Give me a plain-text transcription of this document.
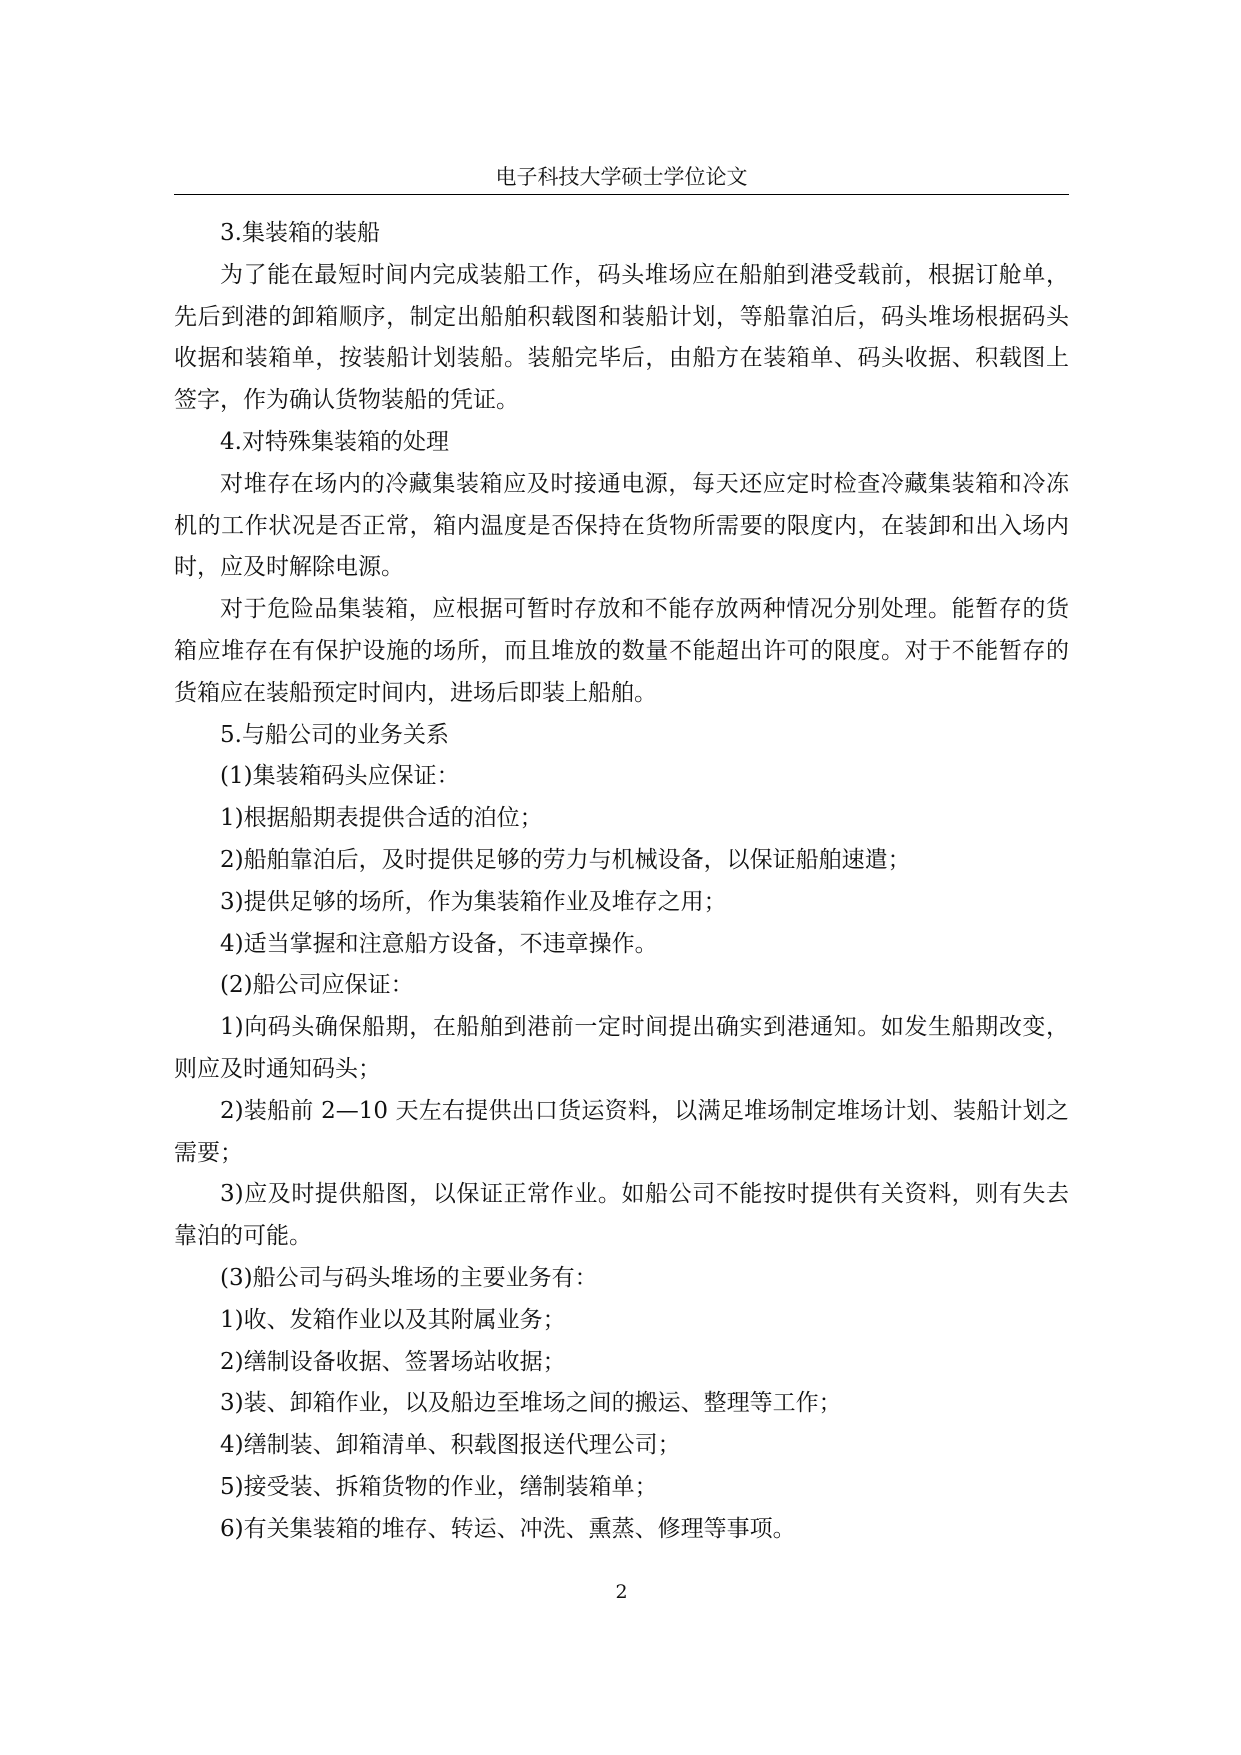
电子科技大学硕士学位论文

3.集装箱的装船

为了能在最短时间内完成装船工作，码头堆场应在船舶到港受载前，根据订舱单，先后到港的卸箱顺序，制定出船舶积载图和装船计划，等船靠泊后，码头堆场根据码头收据和装箱单，按装船计划装船。装船完毕后，由船方在装箱单、码头收据、积载图上签字，作为确认货物装船的凭证。

4.对特殊集装箱的处理

对堆存在场内的冷藏集装箱应及时接通电源，每天还应定时检查冷藏集装箱和冷冻机的工作状况是否正常，箱内温度是否保持在货物所需要的限度内，在装卸和出入场内时，应及时解除电源。

对于危险品集装箱，应根据可暂时存放和不能存放两种情况分别处理。能暂存的货箱应堆存在有保护设施的场所，而且堆放的数量不能超出许可的限度。对于不能暂存的货箱应在装船预定时间内，进场后即装上船舶。

5.与船公司的业务关系

(1)集装箱码头应保证：

1)根据船期表提供合适的泊位；

2)船舶靠泊后，及时提供足够的劳力与机械设备，以保证船舶速遣；

3)提供足够的场所，作为集装箱作业及堆存之用；

4)适当掌握和注意船方设备，不违章操作。

(2)船公司应保证：

1)向码头确保船期，在船舶到港前一定时间提出确实到港通知。如发生船期改变，则应及时通知码头；

2)装船前 2—10 天左右提供出口货运资料，以满足堆场制定堆场计划、装船计划之需要；

3)应及时提供船图，以保证正常作业。如船公司不能按时提供有关资料，则有失去靠泊的可能。

(3)船公司与码头堆场的主要业务有：

1)收、发箱作业以及其附属业务；

2)缮制设备收据、签署场站收据；

3)装、卸箱作业，以及船边至堆场之间的搬运、整理等工作；

4)缮制装、卸箱清单、积载图报送代理公司；

5)接受装、拆箱货物的作业，缮制装箱单；

6)有关集装箱的堆存、转运、冲洗、熏蒸、修理等事项。

2
